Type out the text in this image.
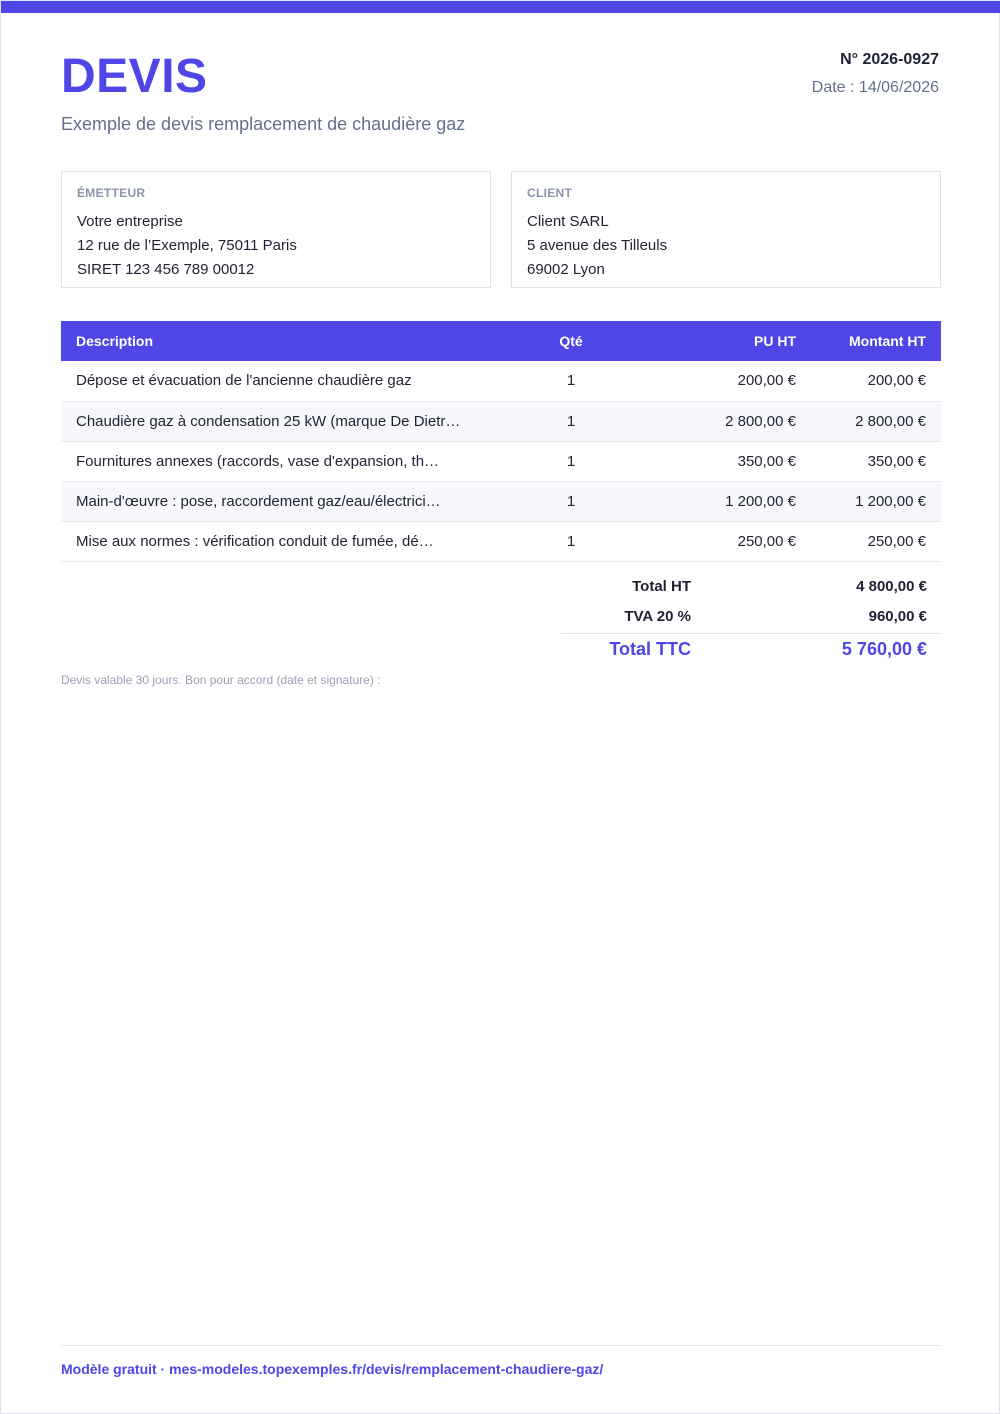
DEVIS
Exemple de devis remplacement de chaudière gaz
N° 2026-0927
Date : 14/06/2026
ÉMETTEUR
Votre entreprise
12 rue de l’Exemple, 75011 Paris
SIRET 123 456 789 00012
CLIENT
Client SARL
5 avenue des Tilleuls
69002 Lyon
Description	Qté	PU HT	Montant HT
Dépose et évacuation de l'ancienne chaudière gaz	1	200,00 €	200,00 €
Chaudière gaz à condensation 25 kW (marque De Dietr…	1	2 800,00 €	2 800,00 €
Fournitures annexes (raccords, vase d'expansion, th…	1	350,00 €	350,00 €
Main-d'œuvre : pose, raccordement gaz/eau/électrici…	1	1 200,00 €	1 200,00 €
Mise aux normes : vérification conduit de fumée, dé…	1	250,00 €	250,00 €
Total HT	4 800,00 €
TVA 20 %	960,00 €
Total TTC	5 760,00 €
Devis valable 30 jours. Bon pour accord (date et signature) :
Modèle gratuit · mes-modeles.topexemples.fr/devis/remplacement-chaudiere-gaz/
